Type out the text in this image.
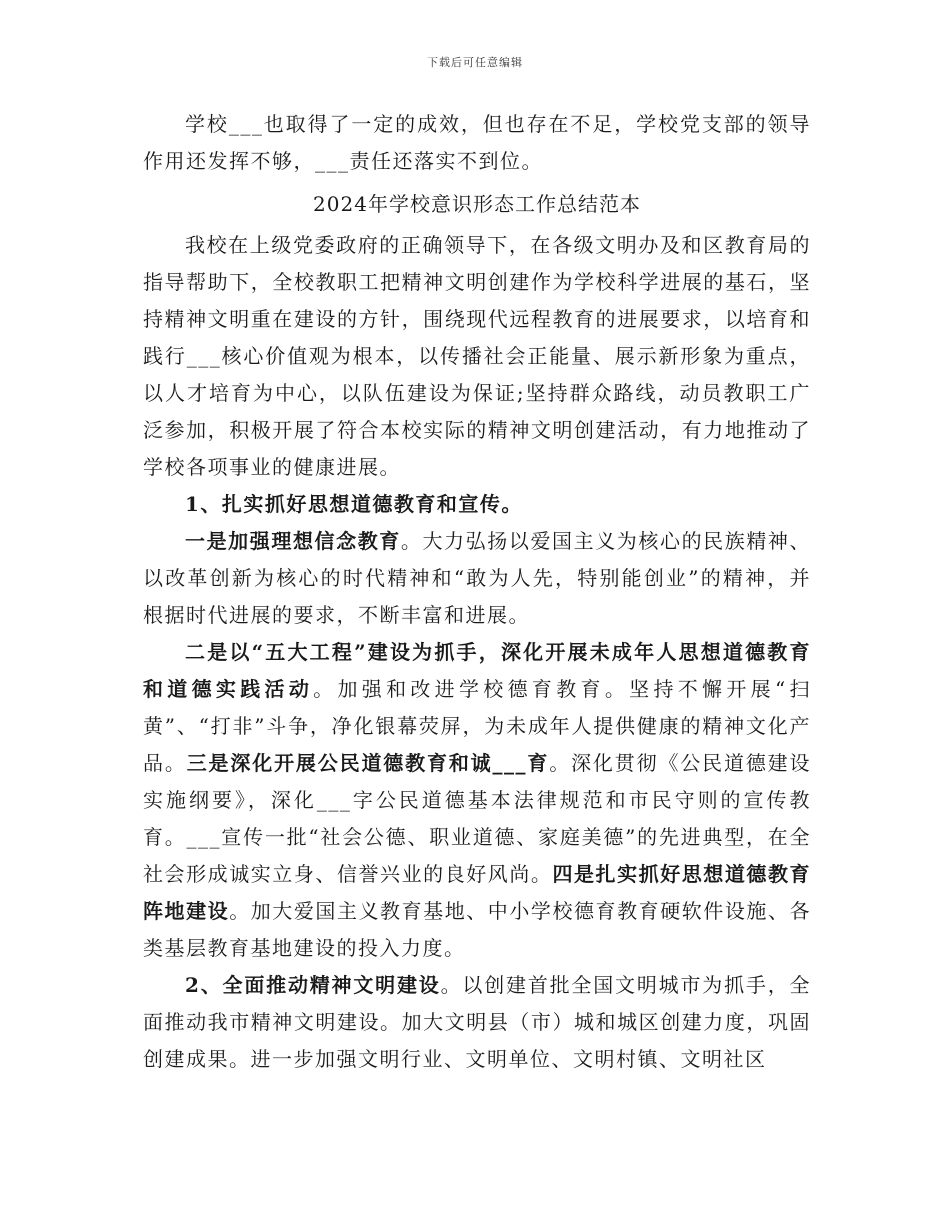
下载后可任意编辑

学校___也取得了一定的成效，但也存在不足，学校党支部的领导作用还发挥不够，___责任还落实不到位。

2024年学校意识形态工作总结范本

我校在上级党委政府的正确领导下，在各级文明办及和区教育局的指导帮助下，全校教职工把精神文明创建作为学校科学进展的基石，坚持精神文明重在建设的方针，围绕现代远程教育的进展要求，以培育和践行___核心价值观为根本，以传播社会正能量、展示新形象为重点，以人才培育为中心，以队伍建设为保证;坚持群众路线，动员教职工广泛参加，积极开展了符合本校实际的精神文明创建活动，有力地推动了学校各项事业的健康进展。

1、扎实抓好思想道德教育和宣传。

一是加强理想信念教育。大力弘扬以爱国主义为核心的民族精神、以改革创新为核心的时代精神和“敢为人先，特别能创业”的精神，并根据时代进展的要求，不断丰富和进展。

二是以“五大工程”建设为抓手，深化开展未成年人思想道德教育和道德实践活动。加强和改进学校德育教育。坚持不懈开展“扫黄”、“打非”斗争，净化银幕荧屏，为未成年人提供健康的精神文化产品。三是深化开展公民道德教育和诚___育。深化贯彻《公民道德建设实施纲要》，深化___字公民道德基本法律规范和市民守则的宣传教育。___宣传一批“社会公德、职业道德、家庭美德”的先进典型，在全社会形成诚实立身、信誉兴业的良好风尚。四是扎实抓好思想道德教育阵地建设。加大爱国主义教育基地、中小学校德育教育硬软件设施、各类基层教育基地建设的投入力度。

2、全面推动精神文明建设。以创建首批全国文明城市为抓手，全面推动我市精神文明建设。加大文明县（市）城和城区创建力度，巩固创建成果。进一步加强文明行业、文明单位、文明村镇、文明社区
